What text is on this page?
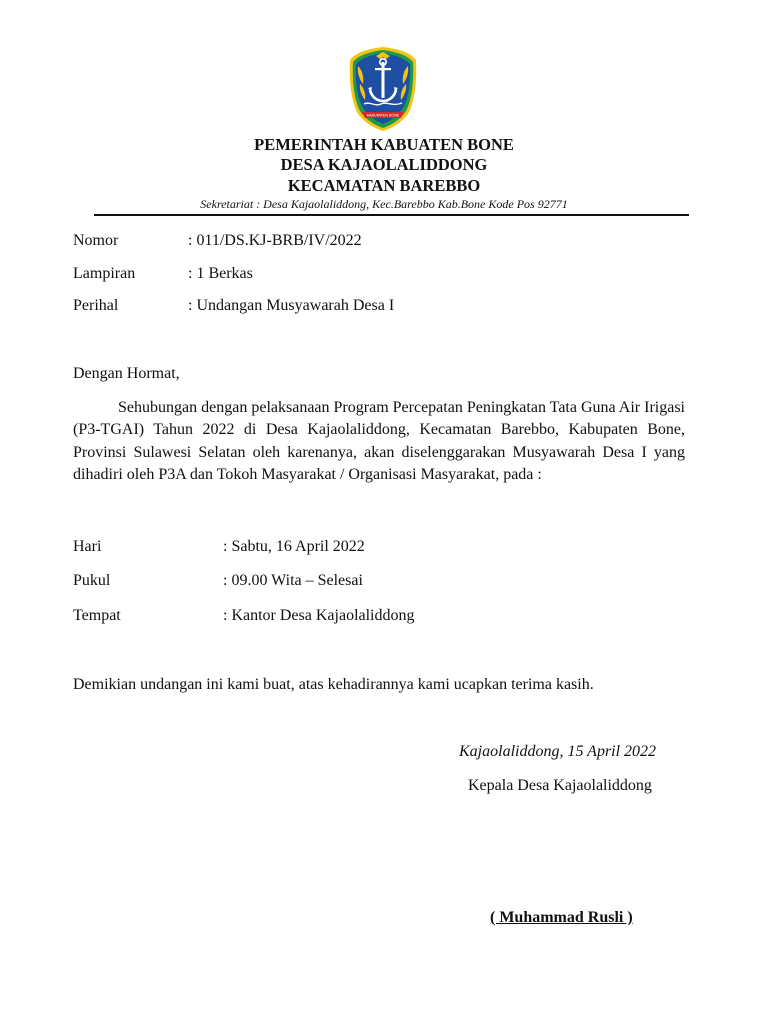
KABUPATEN BONE
PEMERINTAH KABUATEN BONE
DESA KAJAOLALIDDONG
KECAMATAN BAREBBO
Sekretariat : Desa Kajaolaliddong, Kec.Barebbo Kab.Bone Kode Pos 92771
Nomor	: 011/DS.KJ-BRB/IV/2022
Lampiran	: 1 Berkas
Perihal	: Undangan Musyawarah Desa I
Dengan Hormat,
Sehubungan dengan pelaksanaan Program Percepatan Peningkatan Tata Guna Air Irigasi (P3-TGAI) Tahun 2022 di Desa Kajaolaliddong, Kecamatan Barebbo, Kabupaten Bone, Provinsi Sulawesi Selatan oleh karenanya, akan diselenggarakan Musyawarah Desa I yang dihadiri oleh P3A dan Tokoh Masyarakat / Organisasi Masyarakat, pada :
Hari	: Sabtu, 16 April 2022
Pukul	: 09.00 Wita – Selesai
Tempat	: Kantor Desa Kajaolaliddong
Demikian undangan ini kami buat, atas kehadirannya kami ucapkan terima kasih.
Kajaolaliddong, 15 April 2022
Kepala Desa Kajaolaliddong
( Muhammad Rusli )
